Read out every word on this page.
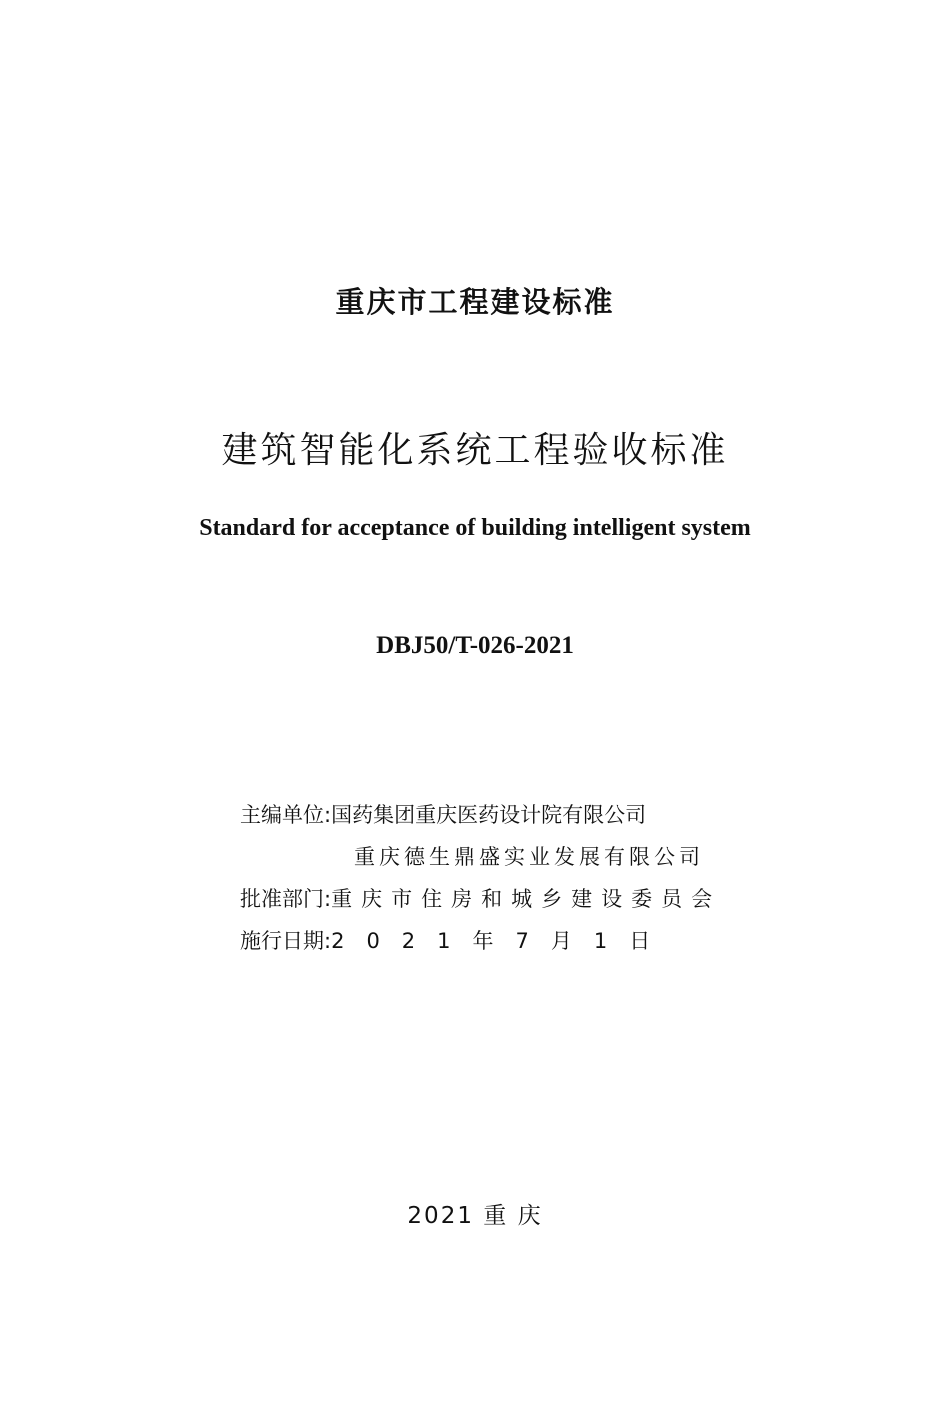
重庆市工程建设标准
建筑智能化系统工程验收标准
Standard for acceptance of building intelligent system
DBJ50/T-026-2021
主编单位:国药集团重庆医药设计院有限公司
重庆德生鼎盛实业发展有限公司
批准部门:重庆市住房和城乡建设委员会
施行日期:2021年7月1日
2021 重 庆
